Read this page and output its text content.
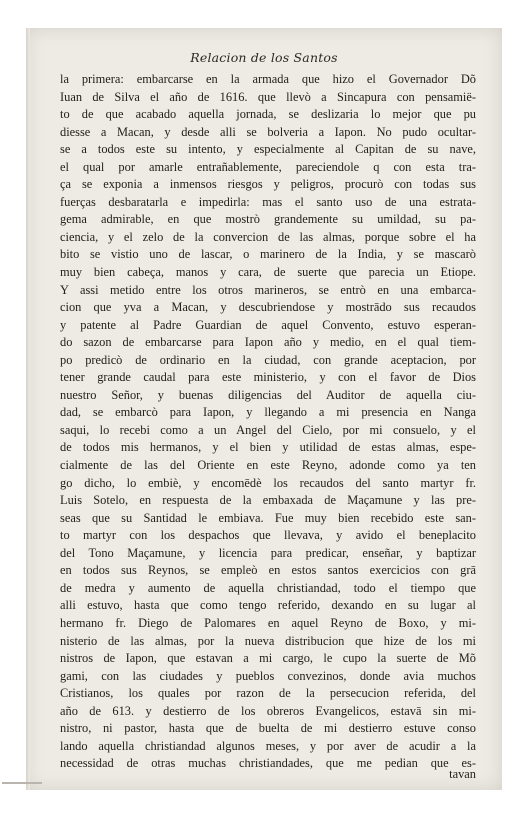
Relacion de los Santos
la primera: embarcarse en la armada que hizo el Governador Dõ
Iuan de Silva el año de 1616. que llevò a Sincapura con pensamië-
to de que acabado aquella jornada, se deslizaria lo mejor que pu
diesse a Macan, y desde alli se bolveria a Iapon. No pudo ocultar-
se a todos este su intento, y especialmente al Capitan de su nave,
el qual por amarle entrañablemente, pareciendole q con esta tra-
ça se exponia a inmensos riesgos y peligros, procurò con todas sus
fuerças desbaratarla e impedirla: mas el santo uso de una estrata-
gema admirable, en que mostrò grandemente su umildad, su pa-
ciencia, y el zelo de la convercion de las almas, porque sobre el ha
bito se vistio uno de lascar, o marinero de la India, y se mascarò
muy bien cabeça, manos y cara, de suerte que parecia un Etiope.
Y assi metido entre los otros marineros, se entrò en una embarca-
cion que yva a Macan, y descubriendose y mostrādo sus recaudos
y patente al Padre Guardian de aquel Convento, estuvo esperan-
do sazon de embarcarse para Iapon año y medio, en el qual tiem-
po predicò de ordinario en la ciudad, con grande aceptacion, por
tener grande caudal para este ministerio, y con el favor de Dios
nuestro Señor, y buenas diligencias del Auditor de aquella ciu-
dad, se embarcò para Iapon, y llegando a mi presencia en Nanga
saqui, lo recebi como a un Angel del Cielo, por mi consuelo, y el
de todos mis hermanos, y el bien y utilidad de estas almas, espe-
cialmente de las del Oriente en este Reyno, adonde como ya ten
go dicho, lo embiè, y encomēdè los recaudos del santo martyr fr.
Luis Sotelo, en respuesta de la embaxada de Maçamune y las pre-
seas que su Santidad le embiava. Fue muy bien recebido este san-
to martyr con los despachos que llevava, y avido el beneplacito
del Tono Maçamune, y licencia para predicar, enseñar, y baptizar
en todos sus Reynos, se empleò en estos santos exercicios con grā
de medra y aumento de aquella christiandad, todo el tiempo que
alli estuvo, hasta que como tengo referido, dexando en su lugar al
hermano fr. Diego de Palomares en aquel Reyno de Boxo, y mi-
nisterio de las almas, por la nueva distribucion que hize de los mi
nistros de Iapon, que estavan a mi cargo, le cupo la suerte de Mõ
gami, con las ciudades y pueblos convezinos, donde avia muchos
Cristianos, los quales por razon de la persecucion referida, del
año de 613. y destierro de los obreros Evangelicos, estavā sin mi-
nistro, ni pastor, hasta que de buelta de mi destierro estuve conso
lando aquella christiandad algunos meses, y por aver de acudir a la
necessidad de otras muchas christiandades, que me pedian que es-
tavan
